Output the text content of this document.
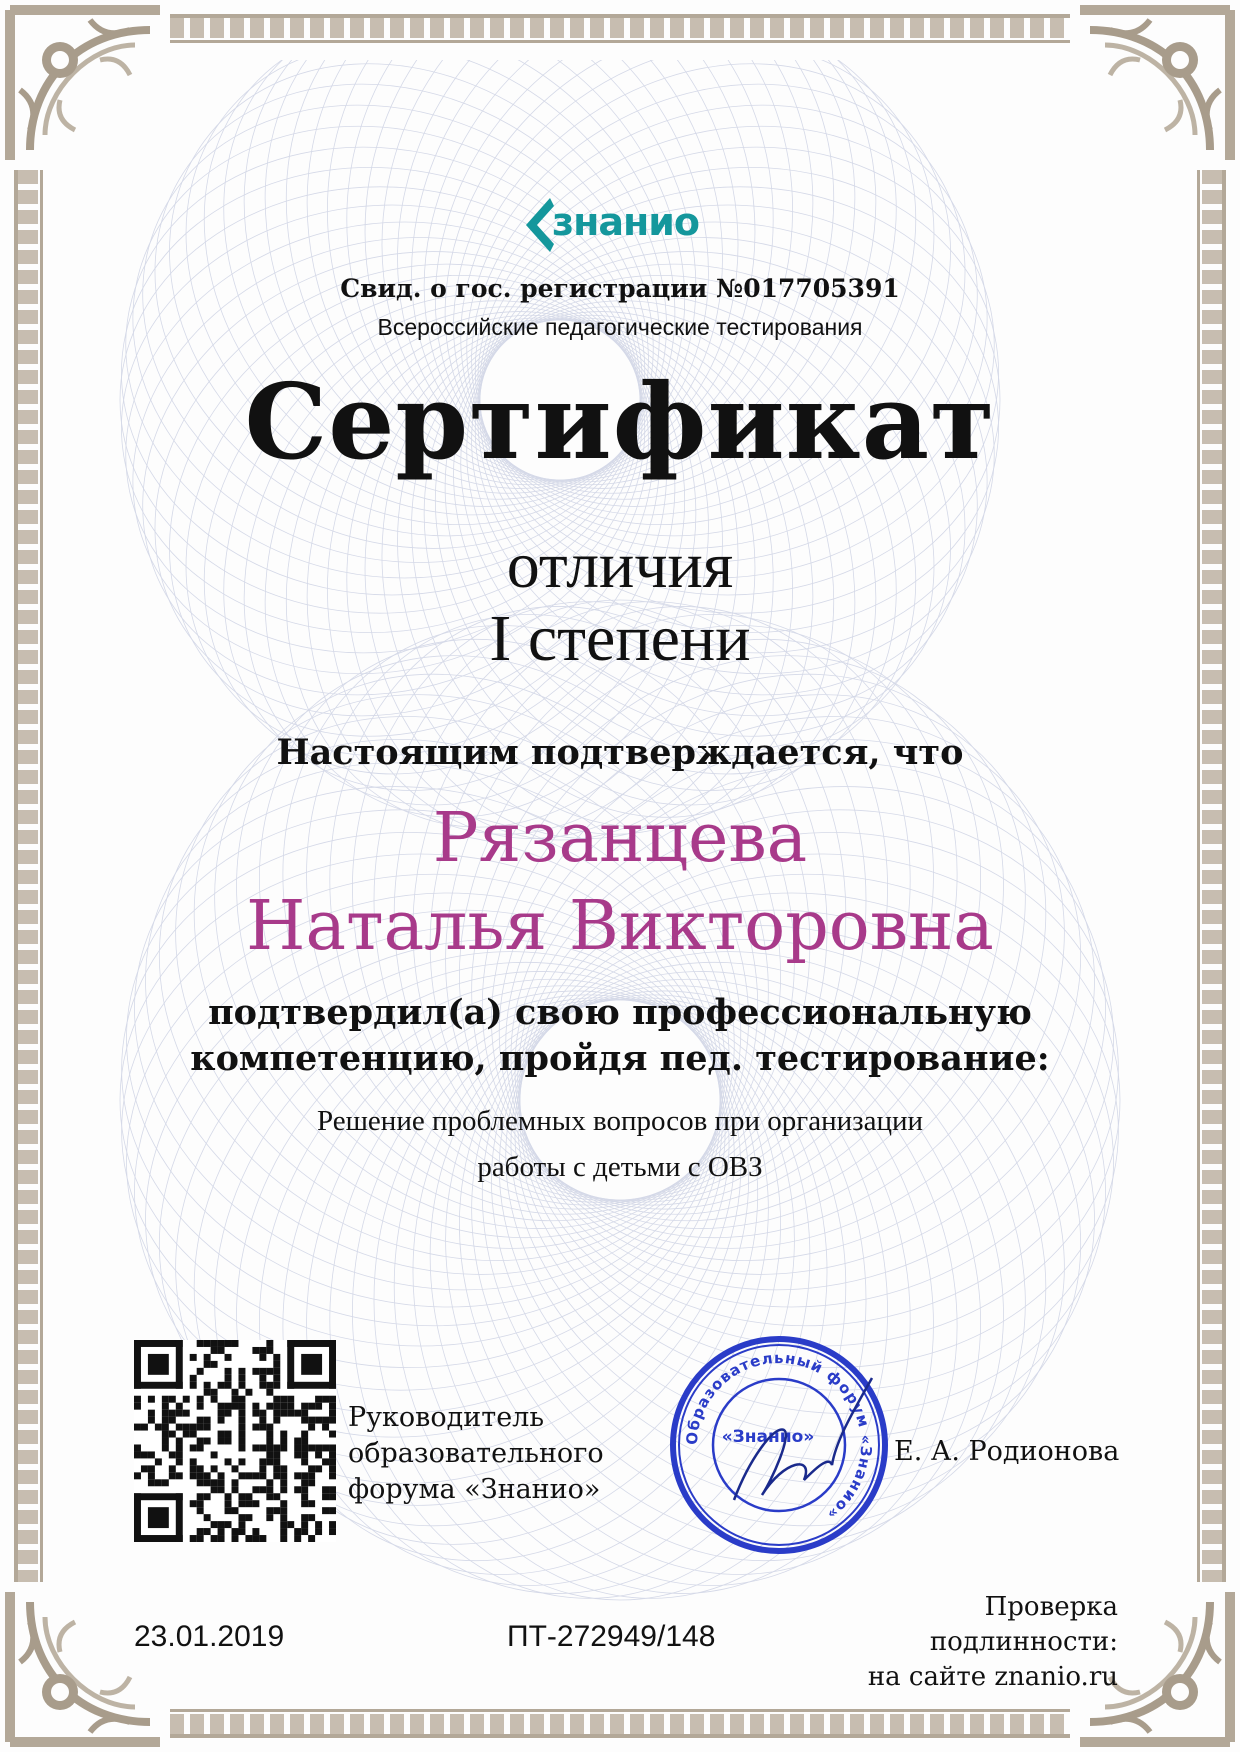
знанио
Свид. о гос. регистрации №017705391
Всероссийские педагогические тестирования
Сертификат
отличия
I степени
Настоящим подтверждается, что
Рязанцева
Наталья Викторовна
подтвердил(а) свою профессиональную
компетенцию, пройдя пед. тестирование:
Решение проблемных вопросов при организации
работы с детьми с ОВЗ
Руководитель
образовательного
форума «Знанио»
Образовательный форум «Знанио»
«Знанио»	Е. А. Родионова
23.01.2019	ПТ-272949/148
Проверка
подлинности:
на сайте znanio.ru
